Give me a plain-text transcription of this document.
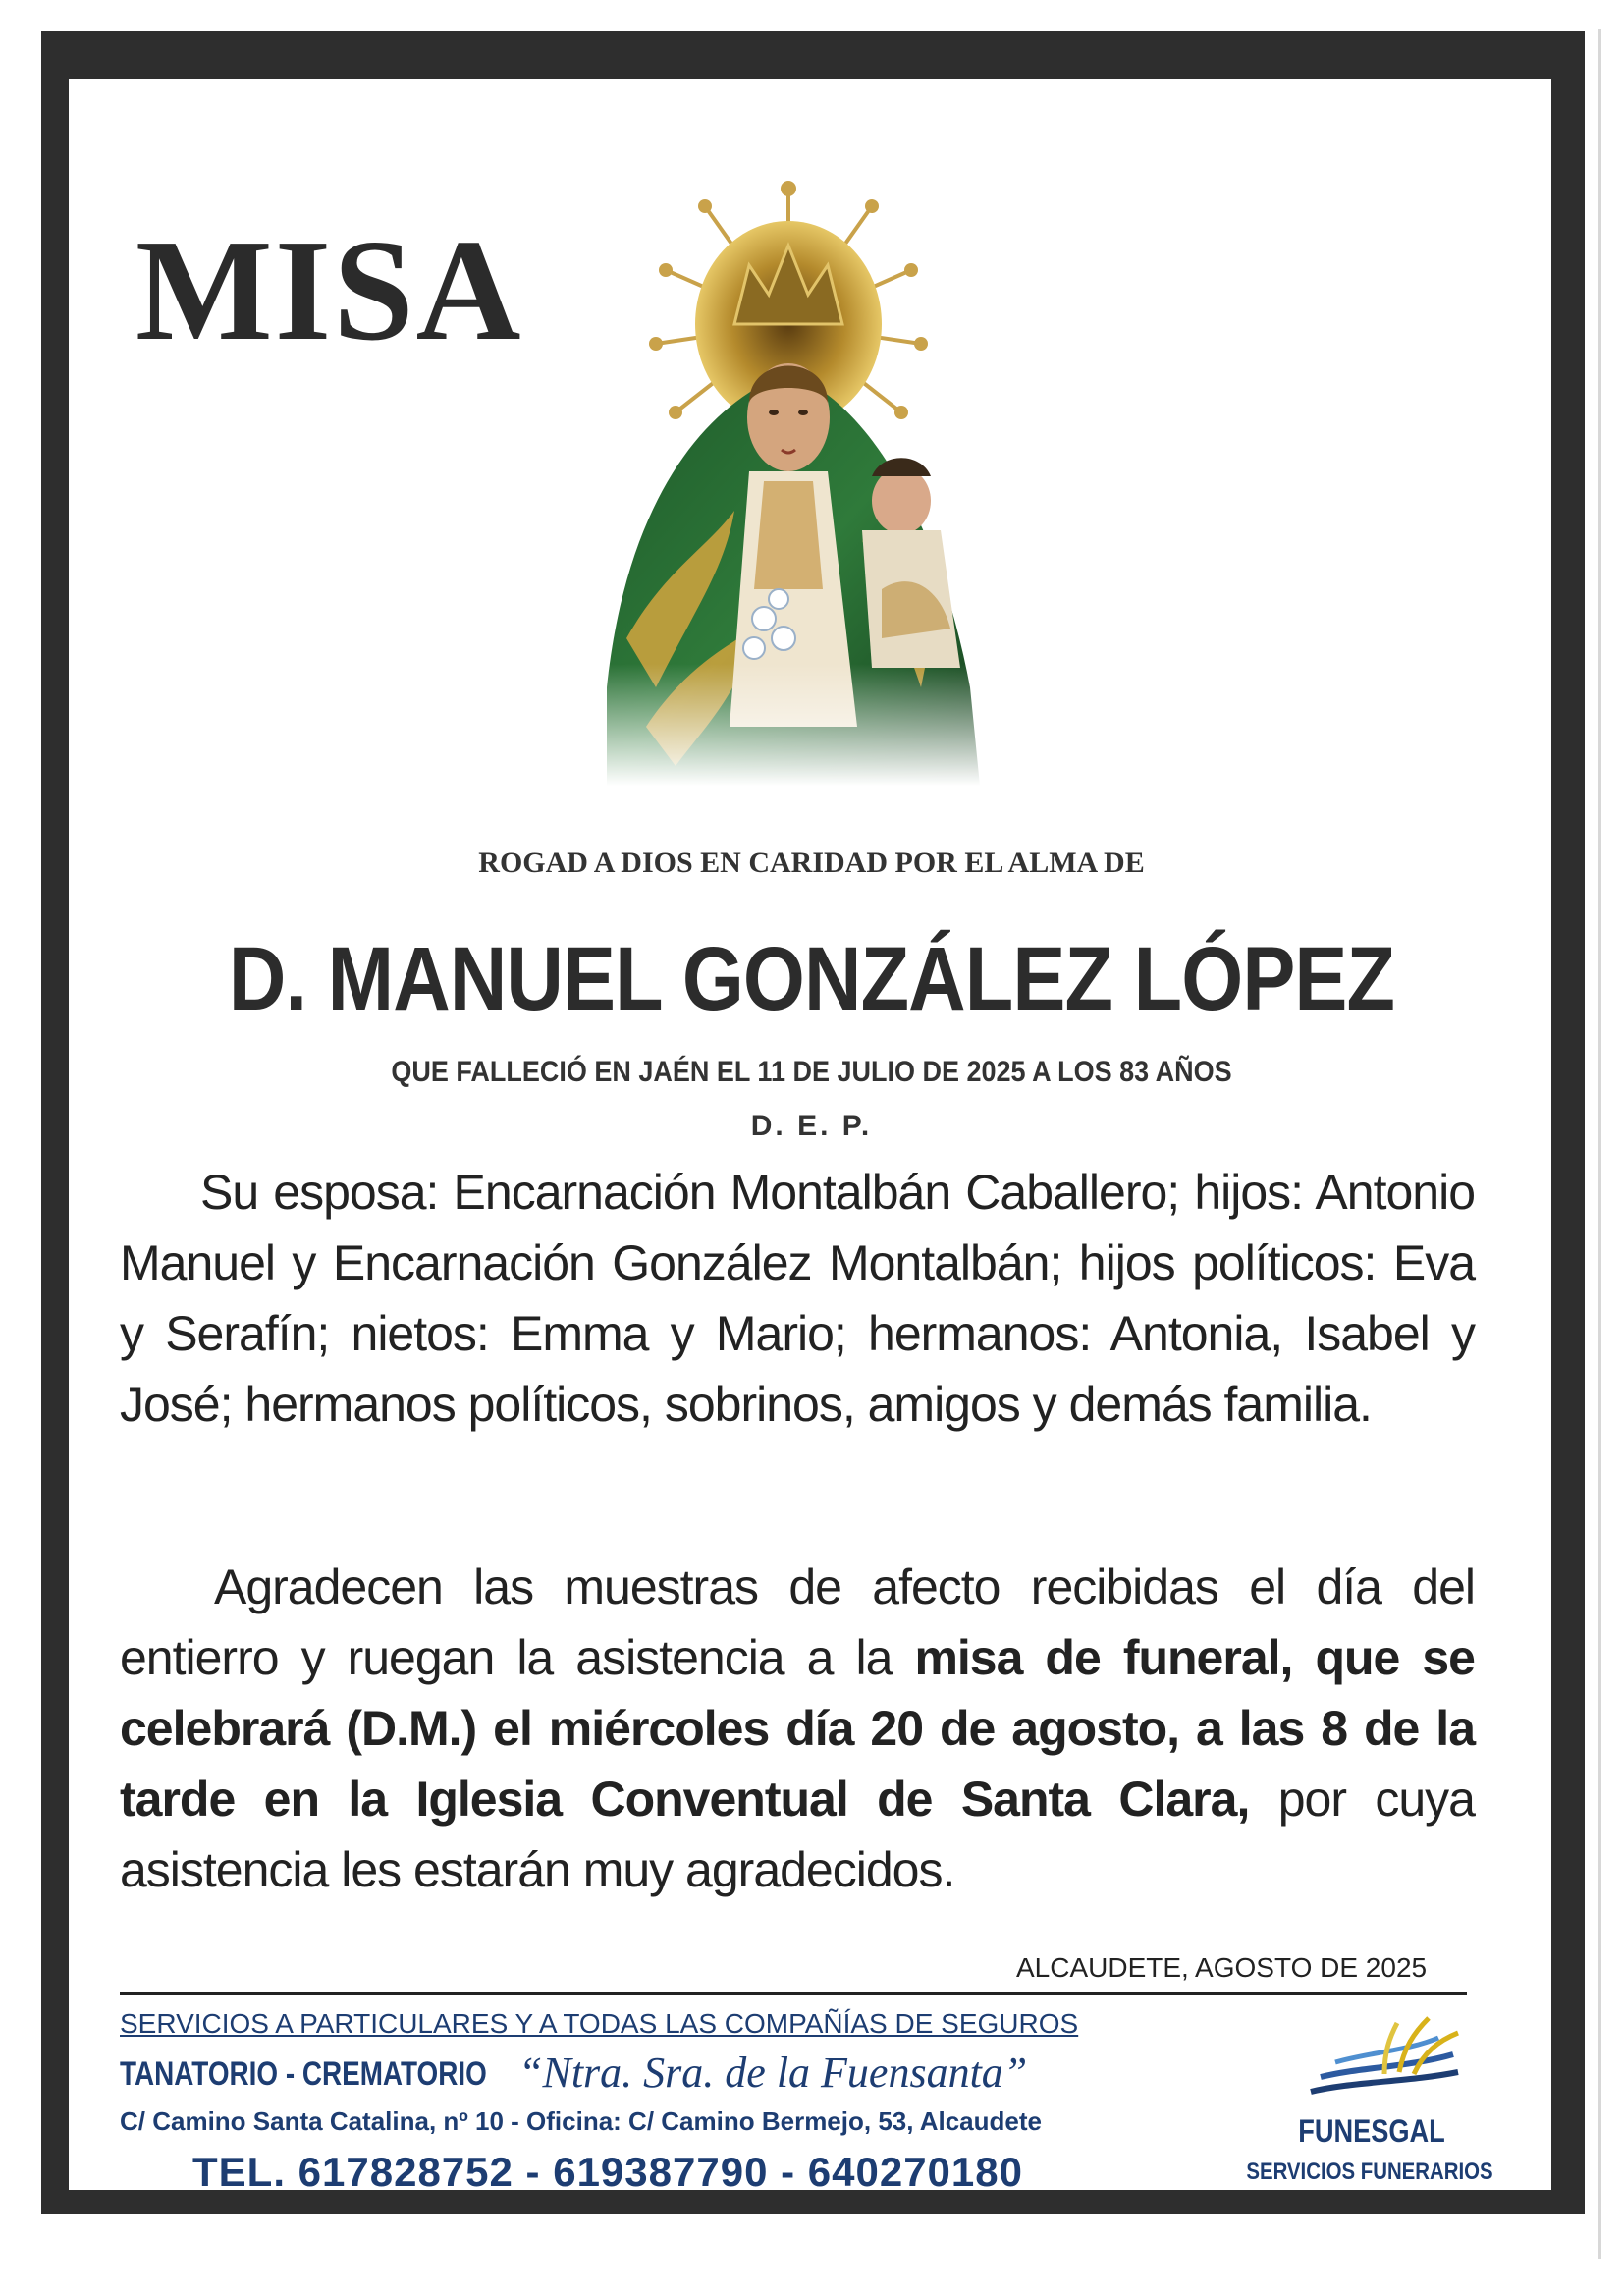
MISA
ROGAD A DIOS EN CARIDAD POR EL ALMA DE
D. MANUEL GONZÁLEZ LÓPEZ
QUE FALLECIÓ EN JAÉN EL 11 DE JULIO DE 2025 A LOS 83 AÑOS
D. E. P.
Su esposa: Encarnación Montalbán Caballero; hijos: Antonio Manuel y Encarnación González Montalbán; hijos políticos: Eva y Serafín; nietos: Emma y Mario; hermanos: Antonia, Isabel y José; hermanos políticos, sobrinos, amigos y demás familia.
Agradecen las muestras de afecto recibidas el día del entierro y ruegan la asistencia a la misa de funeral, que se celebrará (D.M.) el miércoles día 20 de agosto, a las 8 de la tarde en la Iglesia Conventual de Santa Clara, por cuya asistencia les estarán muy agradecidos.
ALCAUDETE, AGOSTO DE 2025
SERVICIOS A PARTICULARES Y A TODAS LAS COMPAÑÍAS DE SEGUROS
TANATORIO - CREMATORIO “Ntra. Sra. de la Fuensanta”
C/ Camino Santa Catalina, nº 10 - Oficina: C/ Camino Bermejo, 53, Alcaudete
TEL. 617828752 - 619387790 - 640270180
FUNESGAL
SERVICIOS FUNERARIOS
